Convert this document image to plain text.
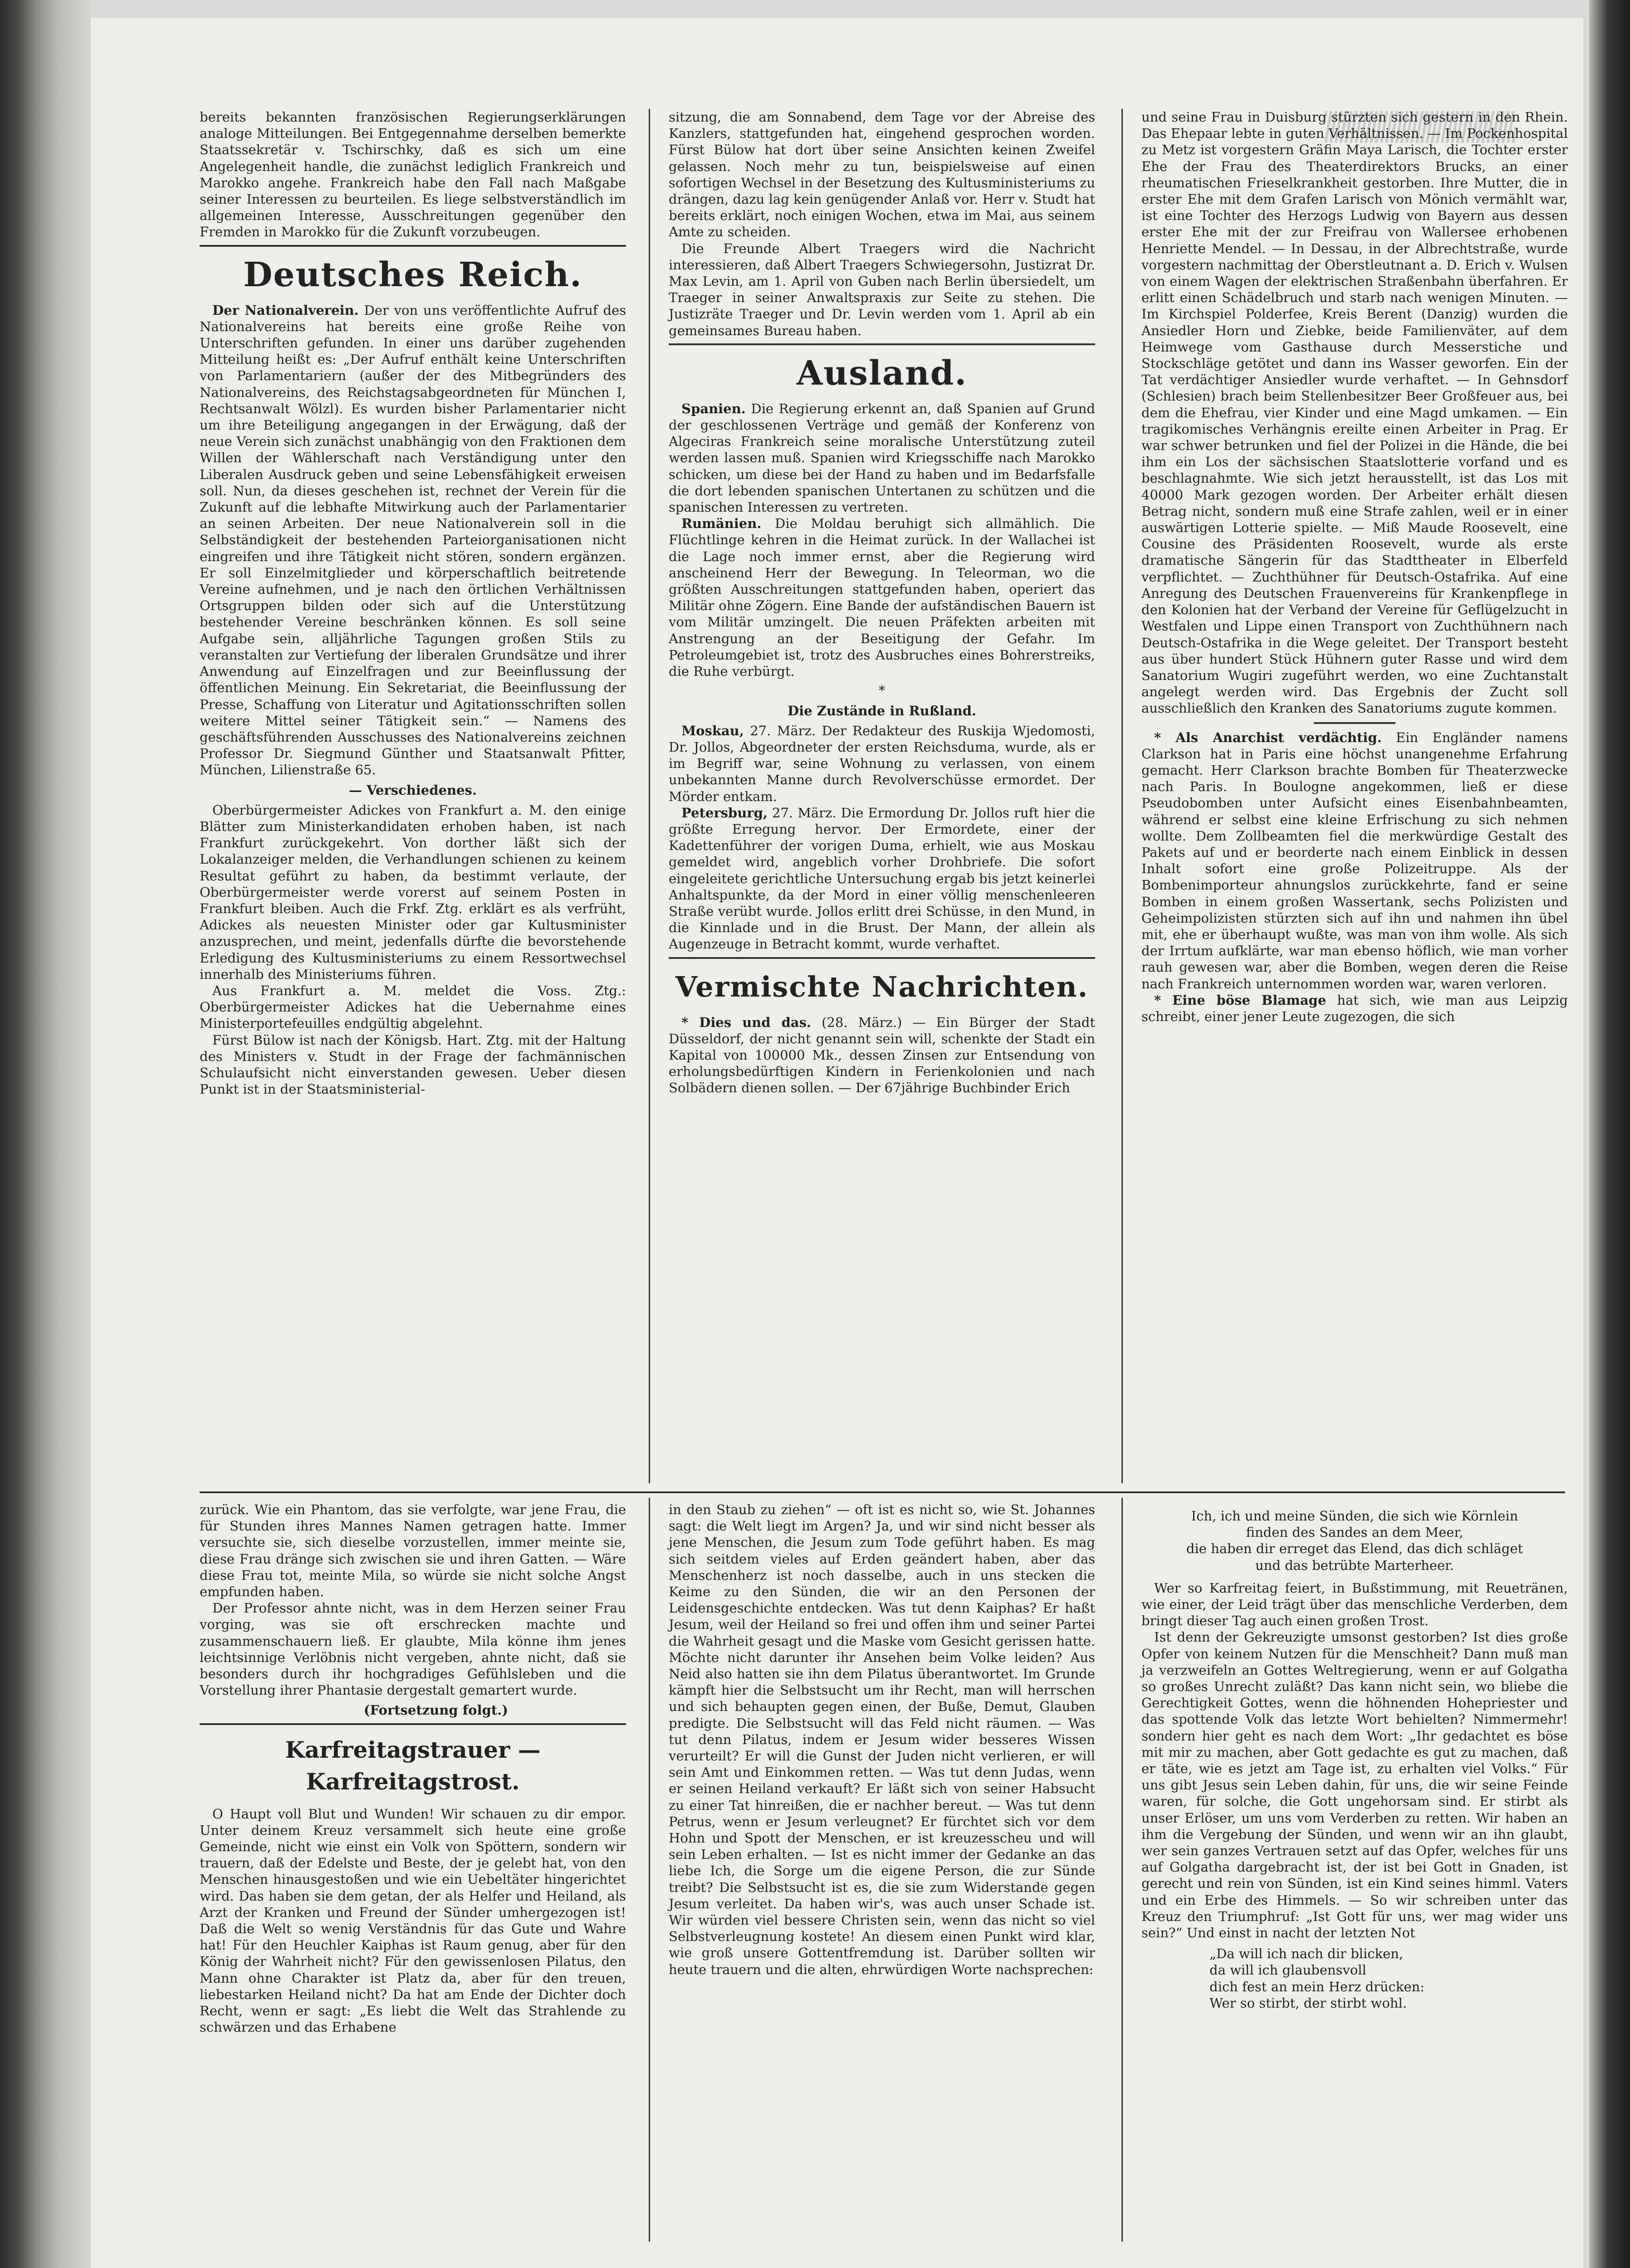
bereits bekannten französischen Regierungserklärungen analoge Mitteilungen. Bei Entgegennahme derselben bemerkte Staatssekretär v. Tschirschky, daß es sich um eine Angelegenheit handle, die zunächst lediglich Frankreich und Marokko angehe. Frankreich habe den Fall nach Maßgabe seiner Interessen zu beurteilen. Es liege selbstverständlich im allgemeinen Interesse, Ausschreitungen gegenüber den Fremden in Marokko für die Zukunft vorzubeugen.

Deutsches Reich.

Der Nationalverein. Der von uns veröffentlichte Aufruf des Nationalvereins hat bereits eine große Reihe von Unterschriften gefunden. In einer uns darüber zugehenden Mitteilung heißt es: „Der Aufruf enthält keine Unterschriften von Parlamentariern (außer der des Mitbegründers des Nationalvereins, des Reichstagsabgeordneten für München I, Rechtsanwalt Wölzl). Es wurden bisher Parlamentarier nicht um ihre Beteiligung angegangen in der Erwägung, daß der neue Verein sich zunächst unabhängig von den Fraktionen dem Willen der Wählerschaft nach Verständigung unter den Liberalen Ausdruck geben und seine Lebensfähigkeit erweisen soll. Nun, da dieses geschehen ist, rechnet der Verein für die Zukunft auf die lebhafte Mitwirkung auch der Parlamentarier an seinen Arbeiten. Der neue Nationalverein soll in die Selbständigkeit der bestehenden Parteiorganisationen nicht eingreifen und ihre Tätigkeit nicht stören, sondern ergänzen. Er soll Einzelmitglieder und körperschaftlich beitretende Vereine aufnehmen, und je nach den örtlichen Verhältnissen Ortsgruppen bilden oder sich auf die Unterstützung bestehender Vereine beschränken können. Es soll seine Aufgabe sein, alljährliche Tagungen großen Stils zu veranstalten zur Vertiefung der liberalen Grundsätze und ihrer Anwendung auf Einzelfragen und zur Beeinflussung der öffentlichen Meinung. Ein Sekretariat, die Beeinflussung der Presse, Schaffung von Literatur und Agitationsschriften sollen weitere Mittel seiner Tätigkeit sein.“ — Namens des geschäftsführenden Ausschusses des Nationalvereins zeichnen Professor Dr. Siegmund Günther und Staatsanwalt Pfitter, München, Lilienstraße 65.

— Verschiedenes.

Oberbürgermeister Adickes von Frankfurt a. M. den einige Blätter zum Ministerkandidaten erhoben haben, ist nach Frankfurt zurückgekehrt. Von dorther läßt sich der Lokalanzeiger melden, die Verhandlungen schienen zu keinem Resultat geführt zu haben, da bestimmt verlaute, der Oberbürgermeister werde vorerst auf seinem Posten in Frankfurt bleiben. Auch die Frkf. Ztg. erklärt es als verfrüht, Adickes als neuesten Minister oder gar Kultusminister anzusprechen, und meint, jedenfalls dürfte die bevorstehende Erledigung des Kultusministeriums zu einem Ressortwechsel innerhalb des Ministeriums führen.

Aus Frankfurt a. M. meldet die Voss. Ztg.: Oberbürgermeister Adickes hat die Uebernahme eines Ministerportefeuilles endgültig abgelehnt.

Fürst Bülow ist nach der Königsb. Hart. Ztg. mit der Haltung des Ministers v. Studt in der Frage der fachmännischen Schulaufsicht nicht einverstanden gewesen. Ueber diesen Punkt ist in der Staatsministerial-

sitzung, die am Sonnabend, dem Tage vor der Abreise des Kanzlers, stattgefunden hat, eingehend gesprochen worden. Fürst Bülow hat dort über seine Ansichten keinen Zweifel gelassen. Noch mehr zu tun, beispielsweise auf einen sofortigen Wechsel in der Besetzung des Kultusministeriums zu drängen, dazu lag kein genügender Anlaß vor. Herr v. Studt hat bereits erklärt, noch einigen Wochen, etwa im Mai, aus seinem Amte zu scheiden.

Die Freunde Albert Traegers wird die Nachricht interessieren, daß Albert Traegers Schwiegersohn, Justizrat Dr. Max Levin, am 1. April von Guben nach Berlin übersiedelt, um Traeger in seiner Anwaltspraxis zur Seite zu stehen. Die Justizräte Traeger und Dr. Levin werden vom 1. April ab ein gemeinsames Bureau haben.

Ausland.

Spanien. Die Regierung erkennt an, daß Spanien auf Grund der geschlossenen Verträge und gemäß der Konferenz von Algeciras Frankreich seine moralische Unterstützung zuteil werden lassen muß. Spanien wird Kriegsschiffe nach Marokko schicken, um diese bei der Hand zu haben und im Bedarfsfalle die dort lebenden spanischen Untertanen zu schützen und die spanischen Interessen zu vertreten.

Rumänien. Die Moldau beruhigt sich allmählich. Die Flüchtlinge kehren in die Heimat zurück. In der Wallachei ist die Lage noch immer ernst, aber die Regierung wird anscheinend Herr der Bewegung. In Teleorman, wo die größten Ausschreitungen stattgefunden haben, operiert das Militär ohne Zögern. Eine Bande der aufständischen Bauern ist vom Militär umzingelt. Die neuen Präfekten arbeiten mit Anstrengung an der Beseitigung der Gefahr. Im Petroleumgebiet ist, trotz des Ausbruches eines Bohrerstreiks, die Ruhe verbürgt.

*
Die Zustände in Rußland.

Moskau, 27. März. Der Redakteur des Ruskija Wjedomosti, Dr. Jollos, Abgeordneter der ersten Reichsduma, wurde, als er im Begriff war, seine Wohnung zu verlassen, von einem unbekannten Manne durch Revolverschüsse ermordet. Der Mörder entkam.

Petersburg, 27. März. Die Ermordung Dr. Jollos ruft hier die größte Erregung hervor. Der Ermordete, einer der Kadettenführer der vorigen Duma, erhielt, wie aus Moskau gemeldet wird, angeblich vorher Drohbriefe. Die sofort eingeleitete gerichtliche Untersuchung ergab bis jetzt keinerlei Anhaltspunkte, da der Mord in einer völlig menschenleeren Straße verübt wurde. Jollos erlitt drei Schüsse, in den Mund, in die Kinnlade und in die Brust. Der Mann, der allein als Augenzeuge in Betracht kommt, wurde verhaftet.

Vermischte Nachrichten.

* Dies und das. (28. März.) — Ein Bürger der Stadt Düsseldorf, der nicht genannt sein will, schenkte der Stadt ein Kapital von 100000 Mk., dessen Zinsen zur Entsendung von erholungsbedürftigen Kindern in Ferienkolonien und nach Solbädern dienen sollen. — Der 67jährige Buchbinder Erich

und seine Frau in Duisburg stürzten sich gestern in den Rhein. Das Ehepaar lebte in guten Verhältnissen. — Im Pockenhospital zu Metz ist vorgestern Gräfin Maya Larisch, die Tochter erster Ehe der Frau des Theaterdirektors Brucks, an einer rheumatischen Frieselkrankheit gestorben. Ihre Mutter, die in erster Ehe mit dem Grafen Larisch von Mönich vermählt war, ist eine Tochter des Herzogs Ludwig von Bayern aus dessen erster Ehe mit der zur Freifrau von Wallersee erhobenen Henriette Mendel. — In Dessau, in der Albrechtstraße, wurde vorgestern nachmittag der Oberstleutnant a. D. Erich v. Wulsen von einem Wagen der elektrischen Straßenbahn überfahren. Er erlitt einen Schädelbruch und starb nach wenigen Minuten. — Im Kirchspiel Polderfee, Kreis Berent (Danzig) wurden die Ansiedler Horn und Ziebke, beide Familienväter, auf dem Heimwege vom Gasthause durch Messerstiche und Stockschläge getötet und dann ins Wasser geworfen. Ein der Tat verdächtiger Ansiedler wurde verhaftet. — In Gehnsdorf (Schlesien) brach beim Stellenbesitzer Beer Großfeuer aus, bei dem die Ehefrau, vier Kinder und eine Magd umkamen. — Ein tragikomisches Verhängnis ereilte einen Arbeiter in Prag. Er war schwer betrunken und fiel der Polizei in die Hände, die bei ihm ein Los der sächsischen Staatslotterie vorfand und es beschlagnahmte. Wie sich jetzt herausstellt, ist das Los mit 40000 Mark gezogen worden. Der Arbeiter erhält diesen Betrag nicht, sondern muß eine Strafe zahlen, weil er in einer auswärtigen Lotterie spielte. — Miß Maude Roosevelt, eine Cousine des Präsidenten Roosevelt, wurde als erste dramatische Sängerin für das Stadttheater in Elberfeld verpflichtet. — Zuchthühner für Deutsch-Ostafrika. Auf eine Anregung des Deutschen Frauenvereins für Krankenpflege in den Kolonien hat der Verband der Vereine für Geflügelzucht in Westfalen und Lippe einen Transport von Zuchthühnern nach Deutsch-Ostafrika in die Wege geleitet. Der Transport besteht aus über hundert Stück Hühnern guter Rasse und wird dem Sanatorium Wugiri zugeführt werden, wo eine Zuchtanstalt angelegt werden wird. Das Ergebnis der Zucht soll ausschließlich den Kranken des Sanatoriums zugute kommen.

* Als Anarchist verdächtig. Ein Engländer namens Clarkson hat in Paris eine höchst unangenehme Erfahrung gemacht. Herr Clarkson brachte Bomben für Theaterzwecke nach Paris. In Boulogne angekommen, ließ er diese Pseudobomben unter Aufsicht eines Eisenbahnbeamten, während er selbst eine kleine Erfrischung zu sich nehmen wollte. Dem Zollbeamten fiel die merkwürdige Gestalt des Pakets auf und er beorderte nach einem Einblick in dessen Inhalt sofort eine große Polizeitruppe. Als der Bombenimporteur ahnungslos zurückkehrte, fand er seine Bomben in einem großen Wassertank, sechs Polizisten und Geheimpolizisten stürzten sich auf ihn und nahmen ihn übel mit, ehe er überhaupt wußte, was man von ihm wolle. Als sich der Irrtum aufklärte, war man ebenso höflich, wie man vorher rauh gewesen war, aber die Bomben, wegen deren die Reise nach Frankreich unternommen worden war, waren verloren.

* Eine böse Blamage hat sich, wie man aus Leipzig schreibt, einer jener Leute zugezogen, die sich

zurück. Wie ein Phantom, das sie verfolgte, war jene Frau, die für Stunden ihres Mannes Namen getragen hatte. Immer versuchte sie, sich dieselbe vorzustellen, immer meinte sie, diese Frau dränge sich zwischen sie und ihren Gatten. — Wäre diese Frau tot, meinte Mila, so würde sie nicht solche Angst empfunden haben.

Der Professor ahnte nicht, was in dem Herzen seiner Frau vorging, was sie oft erschrecken machte und zusammenschauern ließ. Er glaubte, Mila könne ihm jenes leichtsinnige Verlöbnis nicht vergeben, ahnte nicht, daß sie besonders durch ihr hochgradiges Gefühlsleben und die Vorstellung ihrer Phantasie dergestalt gemartert wurde.

(Fortsetzung folgt.)
Karfreitagstrauer — Karfreitagstrost.

O Haupt voll Blut und Wunden! Wir schauen zu dir empor. Unter deinem Kreuz versammelt sich heute eine große Gemeinde, nicht wie einst ein Volk von Spöttern, sondern wir trauern, daß der Edelste und Beste, der je gelebt hat, von den Menschen hinausgestoßen und wie ein Uebeltäter hingerichtet wird. Das haben sie dem getan, der als Helfer und Heiland, als Arzt der Kranken und Freund der Sünder umhergezogen ist! Daß die Welt so wenig Verständnis für das Gute und Wahre hat! Für den Heuchler Kaiphas ist Raum genug, aber für den König der Wahrheit nicht? Für den gewissenlosen Pilatus, den Mann ohne Charakter ist Platz da, aber für den treuen, liebestarken Heiland nicht? Da hat am Ende der Dichter doch Recht, wenn er sagt: „Es liebt die Welt das Strahlende zu schwärzen und das Erhabene

in den Staub zu ziehen“ — oft ist es nicht so, wie St. Johannes sagt: die Welt liegt im Argen? Ja, und wir sind nicht besser als jene Menschen, die Jesum zum Tode geführt haben. Es mag sich seitdem vieles auf Erden geändert haben, aber das Menschenherz ist noch dasselbe, auch in uns stecken die Keime zu den Sünden, die wir an den Personen der Leidensgeschichte entdecken. Was tut denn Kaiphas? Er haßt Jesum, weil der Heiland so frei und offen ihm und seiner Partei die Wahrheit gesagt und die Maske vom Gesicht gerissen hatte. Möchte nicht darunter ihr Ansehen beim Volke leiden? Aus Neid also hatten sie ihn dem Pilatus überantwortet. Im Grunde kämpft hier die Selbstsucht um ihr Recht, man will herrschen und sich behaupten gegen einen, der Buße, Demut, Glauben predigte. Die Selbstsucht will das Feld nicht räumen. — Was tut denn Pilatus, indem er Jesum wider besseres Wissen verurteilt? Er will die Gunst der Juden nicht verlieren, er will sein Amt und Einkommen retten. — Was tut denn Judas, wenn er seinen Heiland verkauft? Er läßt sich von seiner Habsucht zu einer Tat hinreißen, die er nachher bereut. — Was tut denn Petrus, wenn er Jesum verleugnet? Er fürchtet sich vor dem Hohn und Spott der Menschen, er ist kreuzesscheu und will sein Leben erhalten. — Ist es nicht immer der Gedanke an das liebe Ich, die Sorge um die eigene Person, die zur Sünde treibt? Die Selbstsucht ist es, die sie zum Widerstande gegen Jesum verleitet. Da haben wir's, was auch unser Schade ist. Wir würden viel bessere Christen sein, wenn das nicht so viel Selbstverleugnung kostete! An diesem einen Punkt wird klar, wie groß unsere Gottentfremdung ist. Darüber sollten wir heute trauern und die alten, ehrwürdigen Worte nachsprechen:

Ich, ich und meine Sünden, die sich wie Körnlein
finden des Sandes an dem Meer,
die haben dir erreget das Elend, das dich schläget
und das betrübte Marterheer.

Wer so Karfreitag feiert, in Bußstimmung, mit Reuetränen, wie einer, der Leid trägt über das menschliche Verderben, dem bringt dieser Tag auch einen großen Trost.

Ist denn der Gekreuzigte umsonst gestorben? Ist dies große Opfer von keinem Nutzen für die Menschheit? Dann muß man ja verzweifeln an Gottes Weltregierung, wenn er auf Golgatha so großes Unrecht zuläßt? Das kann nicht sein, wo bliebe die Gerechtigkeit Gottes, wenn die höhnenden Hohepriester und das spottende Volk das letzte Wort behielten? Nimmermehr! sondern hier geht es nach dem Wort: „Ihr gedachtet es böse mit mir zu machen, aber Gott gedachte es gut zu machen, daß er täte, wie es jetzt am Tage ist, zu erhalten viel Volks.“ Für uns gibt Jesus sein Leben dahin, für uns, die wir seine Feinde waren, für solche, die Gott ungehorsam sind. Er stirbt als unser Erlöser, um uns vom Verderben zu retten. Wir haben an ihm die Vergebung der Sünden, und wenn wir an ihn glaubt, wer sein ganzes Vertrauen setzt auf das Opfer, welches für uns auf Golgatha dargebracht ist, der ist bei Gott in Gnaden, ist gerecht und rein von Sünden, ist ein Kind seines himml. Vaters und ein Erbe des Himmels. — So wir schreiben unter das Kreuz den Triumphruf: „Ist Gott für uns, wer mag wider uns sein?“ Und einst in nacht der letzten Not

„Da will ich nach dir blicken,
da will ich glaubensvoll
dich fest an mein Herz drücken:
Wer so stirbt, der stirbt wohl.
